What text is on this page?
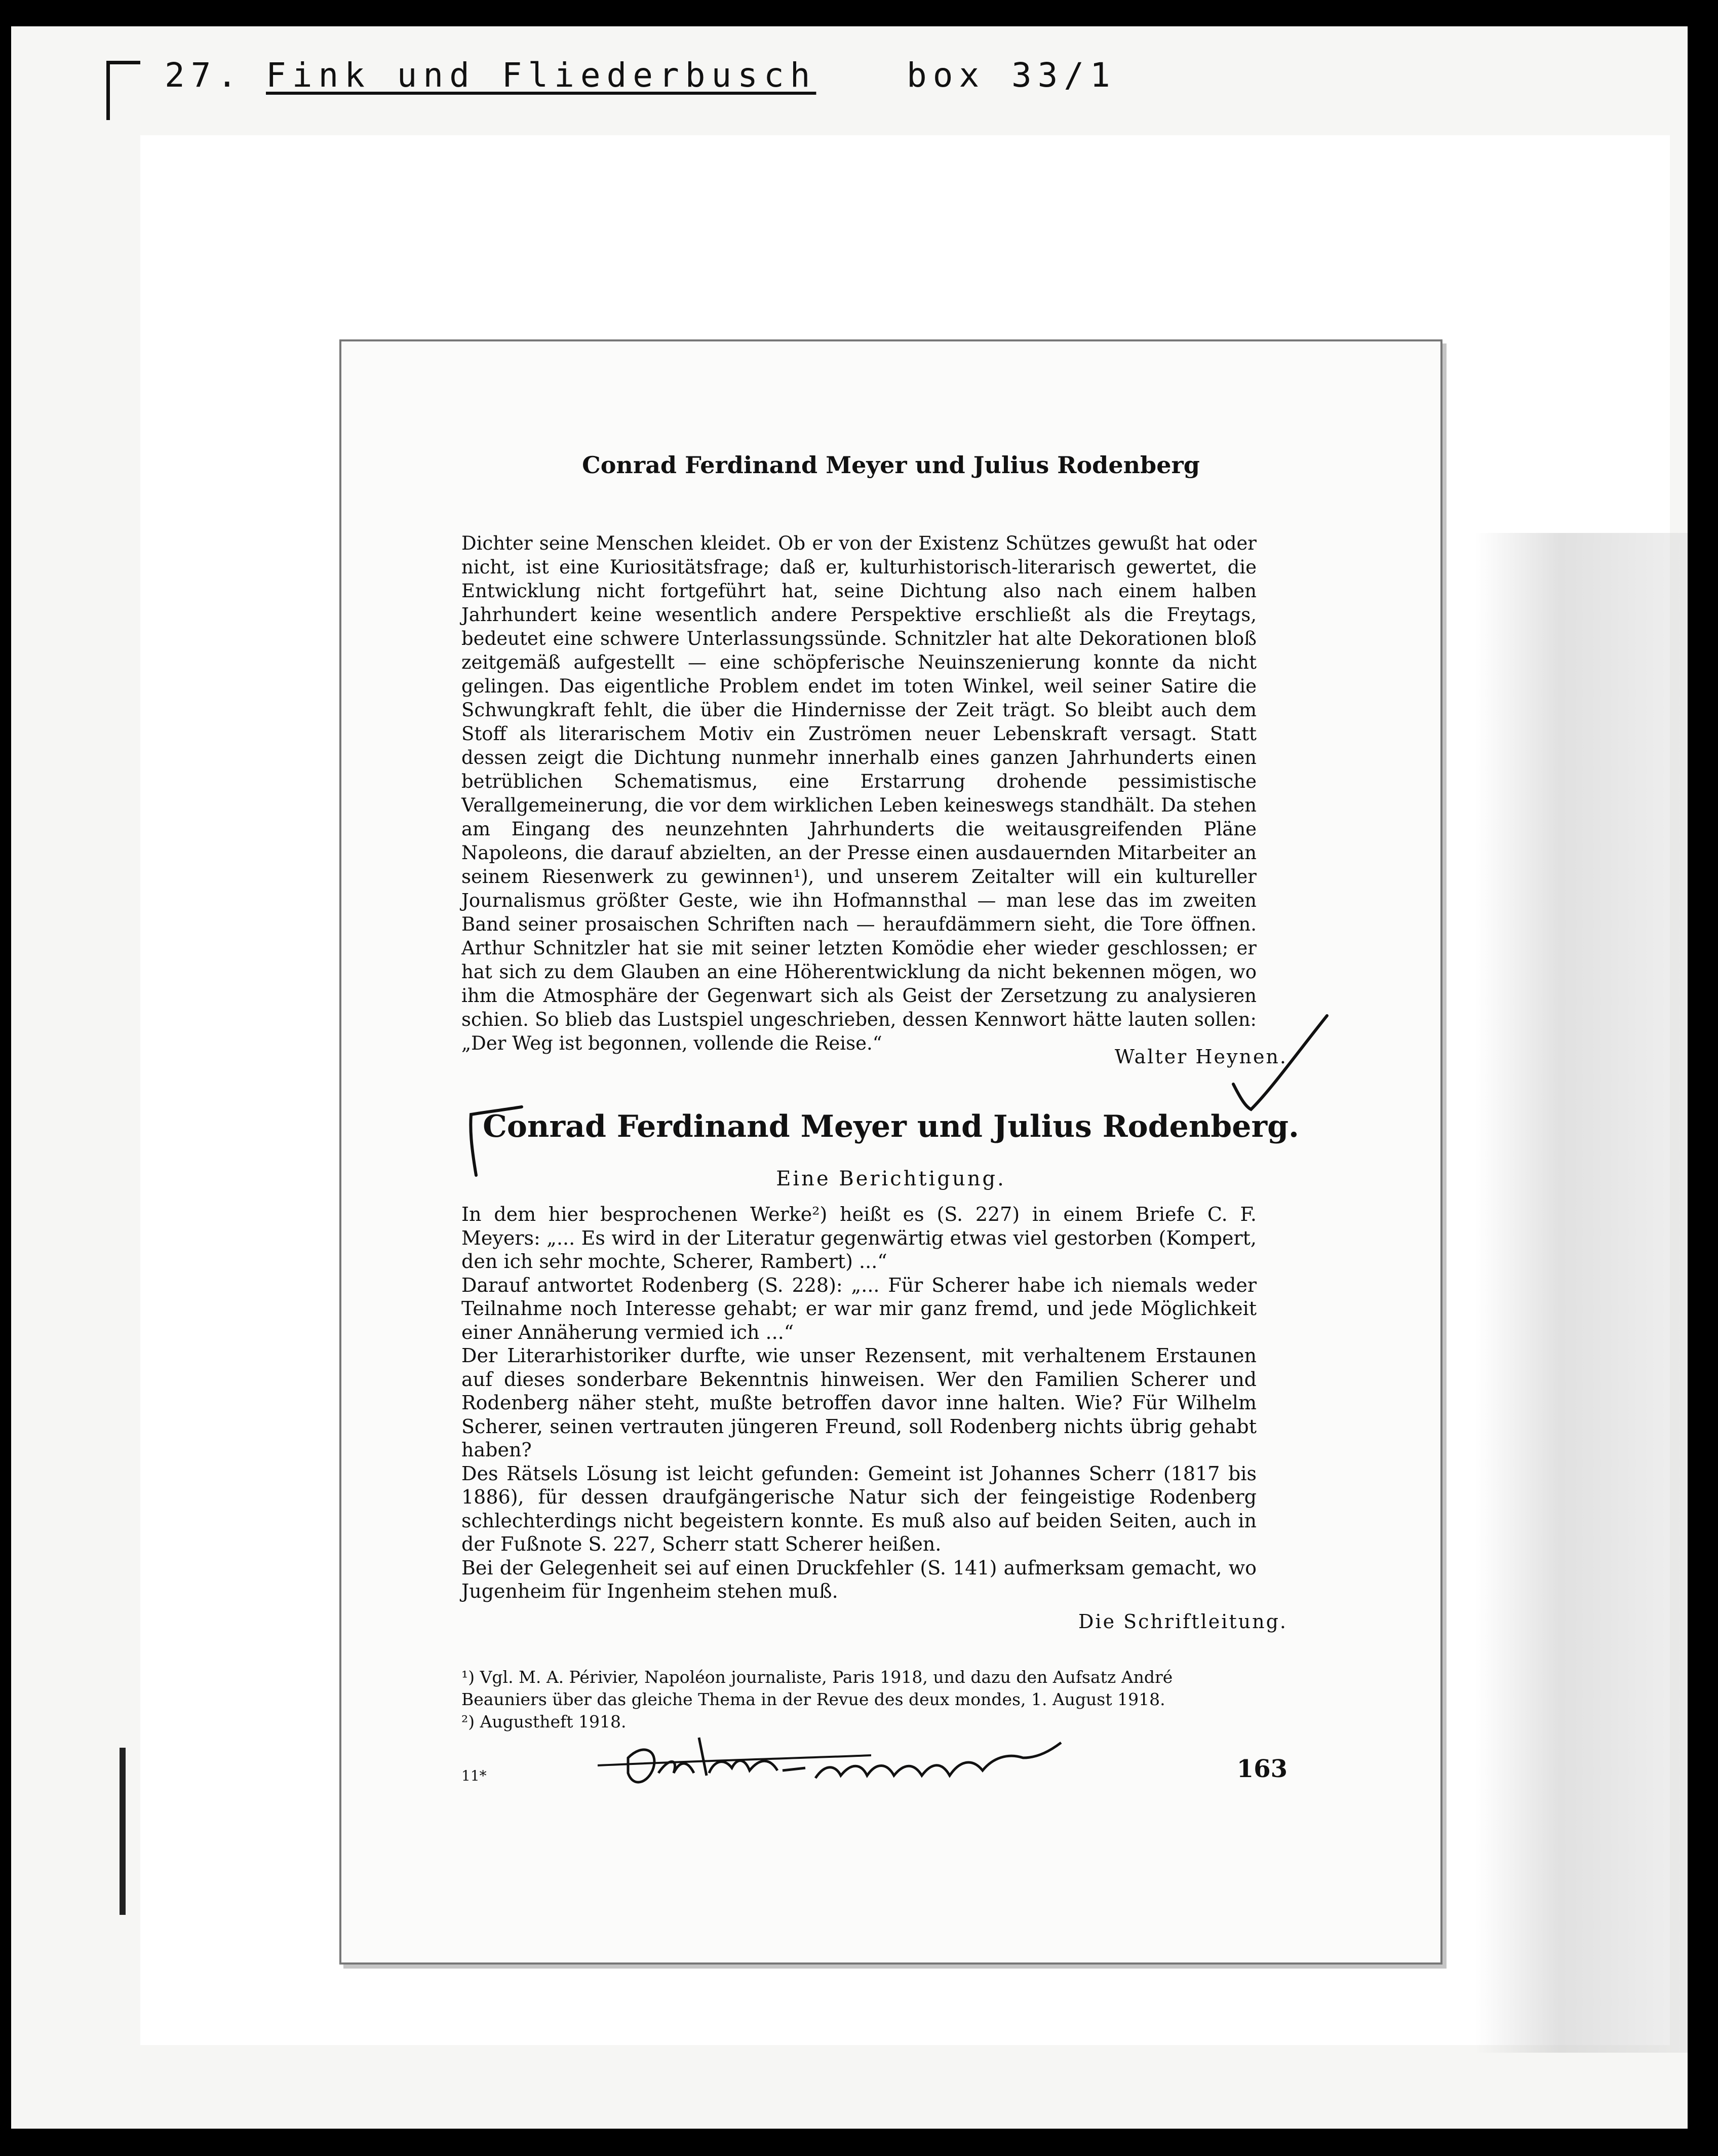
27. Fink und Fliederbusch	box 33/1
Conrad Ferdinand Meyer und Julius Rodenberg
Dichter seine Menschen kleidet. Ob er von der Existenz Schützes gewußt hat oder nicht, ist eine Kuriositätsfrage; daß er, kulturhistorisch-literarisch gewertet, die Entwicklung nicht fortgeführt hat, seine Dichtung also nach einem halben Jahrhundert keine wesentlich andere Perspektive erschließt als die Freytags, bedeutet eine schwere Unterlassungssünde. Schnitzler hat alte Dekorationen bloß zeitgemäß aufgestellt — eine schöpferische Neuinszenierung konnte da nicht gelingen. Das eigentliche Problem endet im toten Winkel, weil seiner Satire die Schwungkraft fehlt, die über die Hindernisse der Zeit trägt. So bleibt auch dem Stoff als literarischem Motiv ein Zuströmen neuer Lebenskraft versagt. Statt dessen zeigt die Dichtung nunmehr innerhalb eines ganzen Jahrhunderts einen betrüblichen Schematismus, eine Erstarrung drohende pessimistische Verallgemeinerung, die vor dem wirklichen Leben keineswegs standhält. Da stehen am Eingang des neunzehnten Jahrhunderts die weitausgreifenden Pläne Napoleons, die darauf abzielten, an der Presse einen ausdauernden Mitarbeiter an seinem Riesenwerk zu gewinnen¹), und unserem Zeitalter will ein kultureller Journalismus größter Geste, wie ihn Hofmannsthal — man lese das im zweiten Band seiner prosaischen Schriften nach — heraufdämmern sieht, die Tore öffnen. Arthur Schnitzler hat sie mit seiner letzten Komödie eher wieder geschlossen; er hat sich zu dem Glauben an eine Höherentwicklung da nicht bekennen mögen, wo ihm die Atmosphäre der Gegenwart sich als Geist der Zersetzung zu analysieren schien. So blieb das Lustspiel ungeschrieben, dessen Kennwort hätte lauten sollen: „Der Weg ist begonnen, vollende die Reise.“
Walter Heynen.
Conrad Ferdinand Meyer und Julius Rodenberg.
Eine Berichtigung.
In dem hier besprochenen Werke²) heißt es (S. 227) in einem Briefe C. F. Meyers: „... Es wird in der Literatur gegenwärtig etwas viel gestorben (Kompert, den ich sehr mochte, Scherer, Rambert) ...“
Darauf antwortet Rodenberg (S. 228): „... Für Scherer habe ich niemals weder Teilnahme noch Interesse gehabt; er war mir ganz fremd, und jede Möglichkeit einer Annäherung vermied ich ...“
Der Literarhistoriker durfte, wie unser Rezensent, mit verhaltenem Erstaunen auf dieses sonderbare Bekenntnis hinweisen. Wer den Familien Scherer und Rodenberg näher steht, mußte betroffen davor inne halten. Wie? Für Wilhelm Scherer, seinen vertrauten jüngeren Freund, soll Rodenberg nichts übrig gehabt haben?
Des Rätsels Lösung ist leicht gefunden: Gemeint ist Johannes Scherr (1817 bis 1886), für dessen draufgängerische Natur sich der feingeistige Rodenberg schlechterdings nicht begeistern konnte. Es muß also auf beiden Seiten, auch in der Fußnote S. 227, Scherr statt Scherer heißen.
Bei der Gelegenheit sei auf einen Druckfehler (S. 141) aufmerksam gemacht, wo Jugenheim für Ingenheim stehen muß.
Die Schriftleitung.
¹) Vgl. M. A. Périvier, Napoléon journaliste, Paris 1918, und dazu den Aufsatz André Beauniers über das gleiche Thema in der Revue des deux mondes, 1. August 1918.
²) Augustheft 1918.
11*	163
